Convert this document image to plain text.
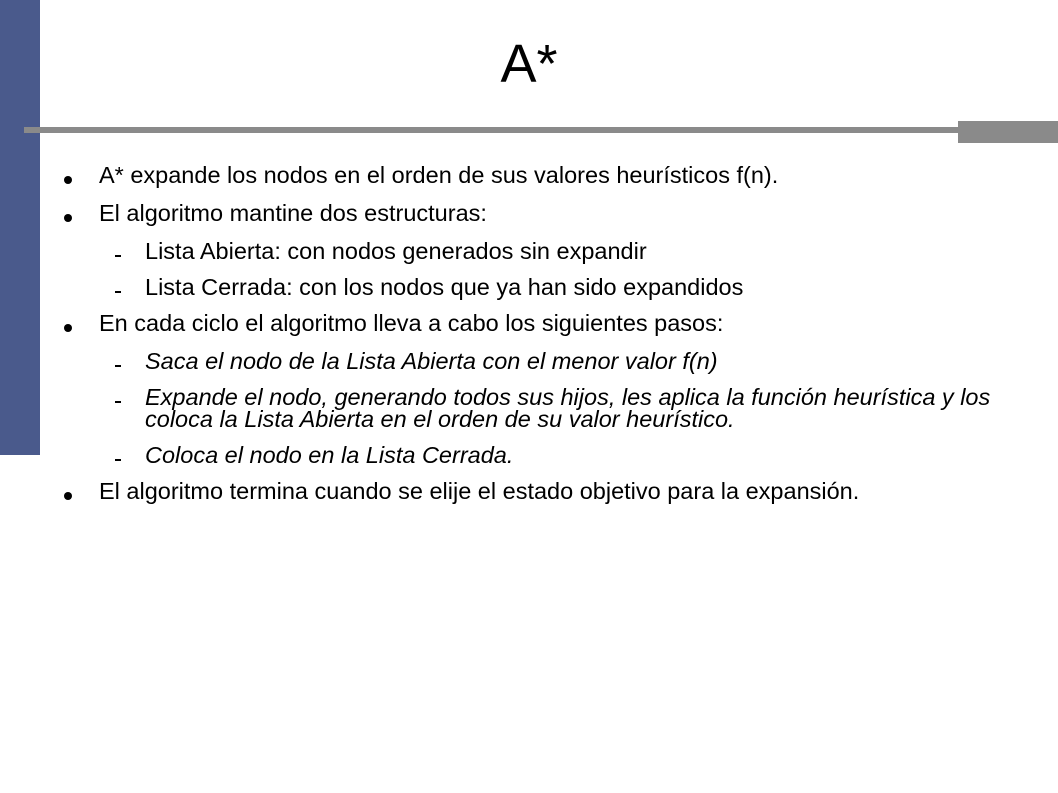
A*
A* expande los nodos en el orden de sus valores heurísticos f(n).
El algoritmo mantine dos estructuras:
Lista Abierta: con nodos generados sin expandir
Lista Cerrada: con los nodos que ya han sido expandidos
En cada ciclo el algoritmo lleva a cabo los siguientes pasos:
Saca el nodo de la Lista Abierta con el menor valor f(n)
Expande el nodo, generando todos sus hijos, les aplica la función heurística y los coloca la Lista Abierta en el orden de su valor heurístico.
Coloca el nodo en la Lista Cerrada.
El algoritmo termina cuando se elije el estado objetivo para la expansión.
